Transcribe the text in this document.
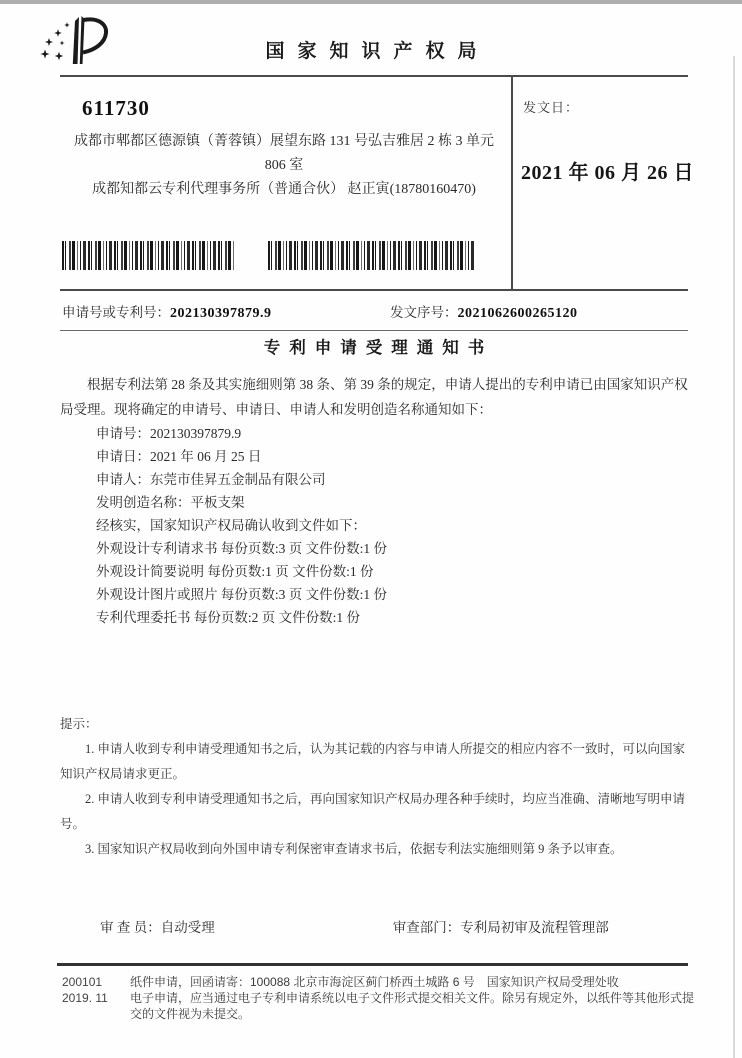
国家知识产权局
611730

成都市郫都区德源镇（菁蓉镇）展望东路 131 号弘吉雅居 2 栋 3 单元

806 室

成都知都云专利代理事务所（普通合伙） 赵正寅(18780160470)

发文日：
2021 年 06 月 26 日
申请号或专利号：202130397879.9	发文序号：2021062600265120
专利申请受理通知书

根据专利法第 28 条及其实施细则第 38 条、第 39 条的规定，申请人提出的专利申请已由国家知识产权局受理。现将确定的申请号、申请日、申请人和发明创造名称通知如下：

申请号：202130397879.9

申请日：2021 年 06 月 25 日

申请人：东莞市佳昇五金制品有限公司

发明创造名称：平板支架

经核实，国家知识产权局确认收到文件如下：

外观设计专利请求书 每份页数:3 页 文件份数:1 份

外观设计简要说明 每份页数:1 页 文件份数:1 份

外观设计图片或照片 每份页数:3 页 文件份数:1 份

专利代理委托书 每份页数:2 页 文件份数:1 份

提示：

1. 申请人收到专利申请受理通知书之后，认为其记载的内容与申请人所提交的相应内容不一致时，可以向国家知识产权局请求更正。

2. 申请人收到专利申请受理通知书之后，再向国家知识产权局办理各种手续时，均应当准确、清晰地写明申请号。

3. 国家知识产权局收到向外国申请专利保密审查请求书后，依据专利法实施细则第 9 条予以审查。

审 查 员：自动受理	审查部门：专利局初审及流程管理部
200101
2019. 11

纸件申请，回函请寄：100088 北京市海淀区蓟门桥西土城路 6 号　国家知识产权局受理处收

电子申请，应当通过电子专利申请系统以电子文件形式提交相关文件。除另有规定外，以纸件等其他形式提交的文件视为未提交。
